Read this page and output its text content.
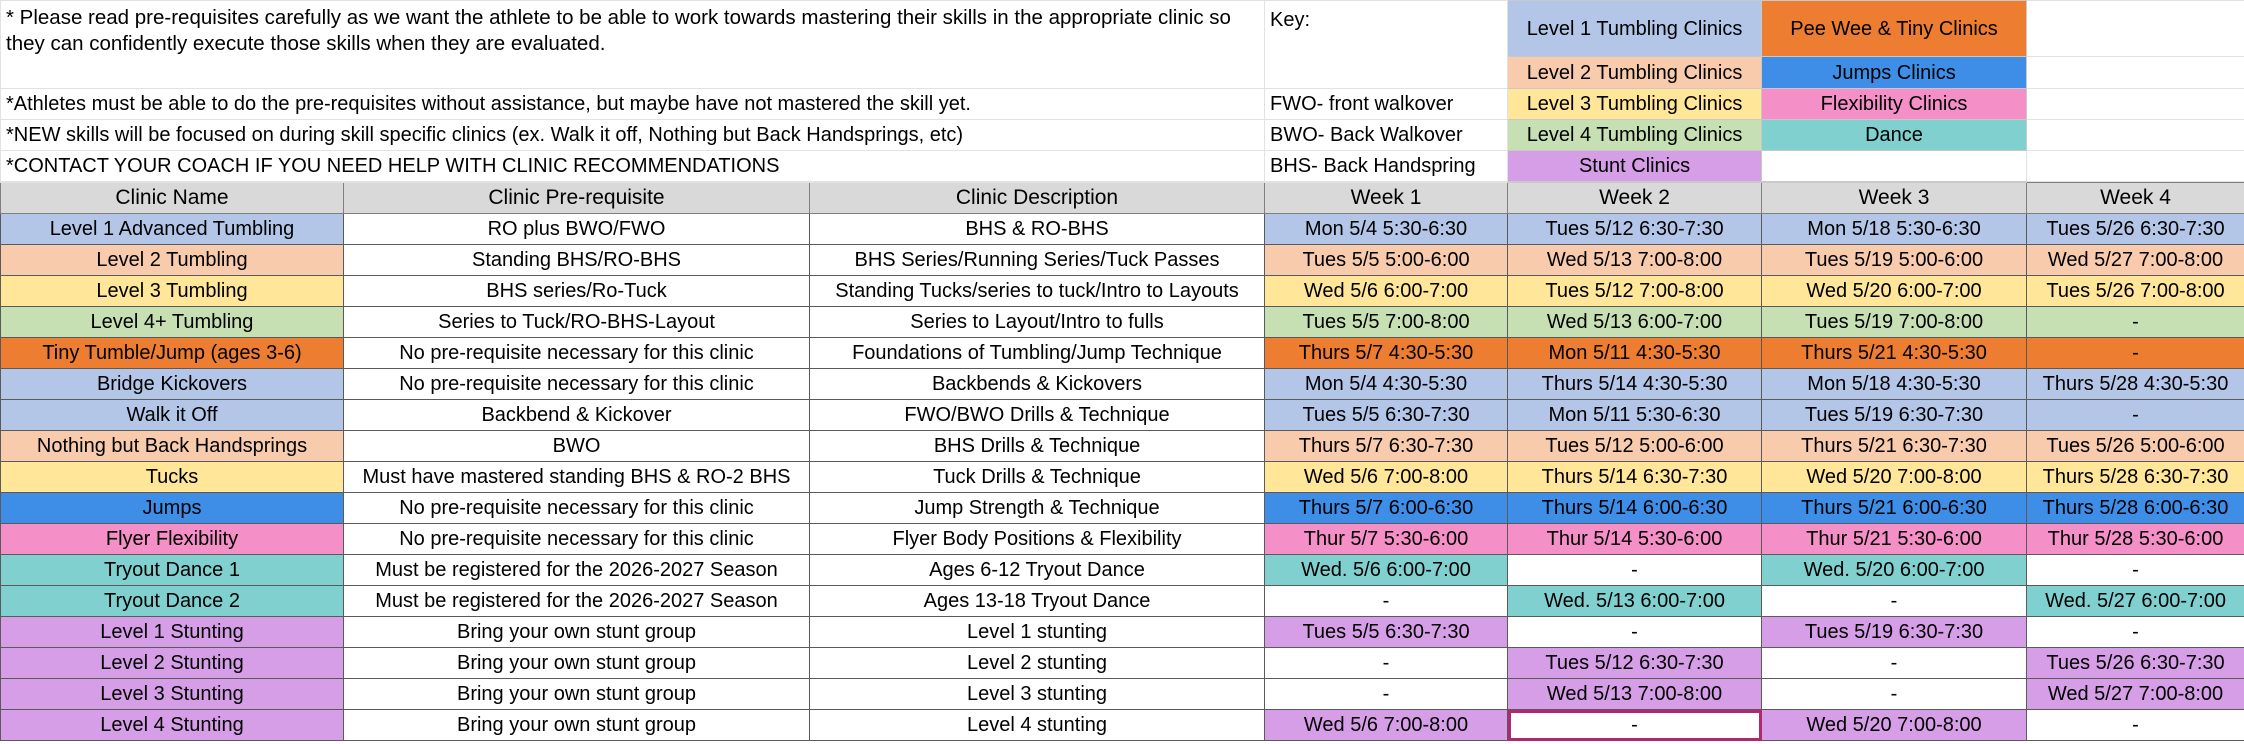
* Please read pre-requisites carefully as we want the athlete to be able to work towards mastering their skills in the appropriate clinic so they can confidently execute those skills when they are evaluated.			Key:	Level 1 Tumbling Clinics	Pee Wee & Tiny Clinics	
				Level 2 Tumbling Clinics	Jumps Clinics	
*Athletes must be able to do the pre-requisites without assistance, but maybe have not mastered the skill yet.			FWO- front walkover	Level 3 Tumbling Clinics	Flexibility Clinics	
*NEW skills will be focused on during skill specific clinics (ex. Walk it off, Nothing but Back Handsprings, etc)			BWO- Back Walkover	Level 4 Tumbling Clinics	Dance	
*CONTACT YOUR COACH IF YOU NEED HELP WITH CLINIC RECOMMENDATIONS			BHS- Back Handspring	Stunt Clinics		

Clinic Name	Clinic Pre-requisite	Clinic Description	Week 1	Week 2	Week 3	Week 4
Level 1 Advanced Tumbling	RO plus BWO/FWO	BHS & RO-BHS	Mon 5/4 5:30-6:30	Tues 5/12 6:30-7:30	Mon 5/18 5:30-6:30	Tues 5/26 6:30-7:30
Level 2 Tumbling	Standing BHS/RO-BHS	BHS Series/Running Series/Tuck Passes	Tues 5/5 5:00-6:00	Wed 5/13 7:00-8:00	Tues 5/19 5:00-6:00	Wed 5/27 7:00-8:00
Level 3 Tumbling	BHS series/Ro-Tuck	Standing Tucks/series to tuck/Intro to Layouts	Wed 5/6 6:00-7:00	Tues 5/12 7:00-8:00	Wed 5/20 6:00-7:00	Tues 5/26 7:00-8:00
Level 4+ Tumbling	Series to Tuck/RO-BHS-Layout	Series to Layout/Intro to fulls	Tues 5/5 7:00-8:00	Wed 5/13 6:00-7:00	Tues 5/19 7:00-8:00	-
Tiny Tumble/Jump (ages 3-6)	No pre-requisite necessary for this clinic	Foundations of Tumbling/Jump Technique	Thurs 5/7 4:30-5:30	Mon 5/11 4:30-5:30	Thurs 5/21 4:30-5:30	-
Bridge Kickovers	No pre-requisite necessary for this clinic	Backbends & Kickovers	Mon 5/4 4:30-5:30	Thurs 5/14 4:30-5:30	Mon 5/18 4:30-5:30	Thurs 5/28 4:30-5:30
Walk it Off	Backbend & Kickover	FWO/BWO Drills & Technique	Tues 5/5 6:30-7:30	Mon 5/11 5:30-6:30	Tues 5/19 6:30-7:30	-
Nothing but Back Handsprings	BWO	BHS Drills & Technique	Thurs 5/7 6:30-7:30	Tues 5/12 5:00-6:00	Thurs 5/21 6:30-7:30	Tues 5/26 5:00-6:00
Tucks	Must have mastered standing BHS & RO-2 BHS	Tuck Drills & Technique	Wed 5/6 7:00-8:00	Thurs 5/14 6:30-7:30	Wed 5/20 7:00-8:00	Thurs 5/28 6:30-7:30
Jumps	No pre-requisite necessary for this clinic	Jump Strength & Technique	Thurs 5/7 6:00-6:30	Thurs 5/14 6:00-6:30	Thurs 5/21 6:00-6:30	Thurs 5/28 6:00-6:30
Flyer Flexibility	No pre-requisite necessary for this clinic	Flyer Body Positions & Flexibility	Thur 5/7 5:30-6:00	Thur 5/14 5:30-6:00	Thur 5/21 5:30-6:00	Thur 5/28 5:30-6:00
Tryout Dance 1	Must be registered for the 2026-2027 Season	Ages 6-12 Tryout Dance	Wed. 5/6 6:00-7:00	-	Wed. 5/20 6:00-7:00	-
Tryout Dance 2	Must be registered for the 2026-2027 Season	Ages 13-18 Tryout Dance	-	Wed. 5/13 6:00-7:00	-	Wed. 5/27 6:00-7:00
Level 1 Stunting	Bring your own stunt group	Level 1 stunting	Tues 5/5 6:30-7:30	-	Tues 5/19 6:30-7:30	-
Level 2 Stunting	Bring your own stunt group	Level 2 stunting	-	Tues 5/12 6:30-7:30	-	Tues 5/26 6:30-7:30
Level 3 Stunting	Bring your own stunt group	Level 3 stunting	-	Wed 5/13 7:00-8:00	-	Wed 5/27 7:00-8:00
Level 4 Stunting	Bring your own stunt group	Level 4 stunting	Wed 5/6 7:00-8:00	-	Wed 5/20 7:00-8:00	-
